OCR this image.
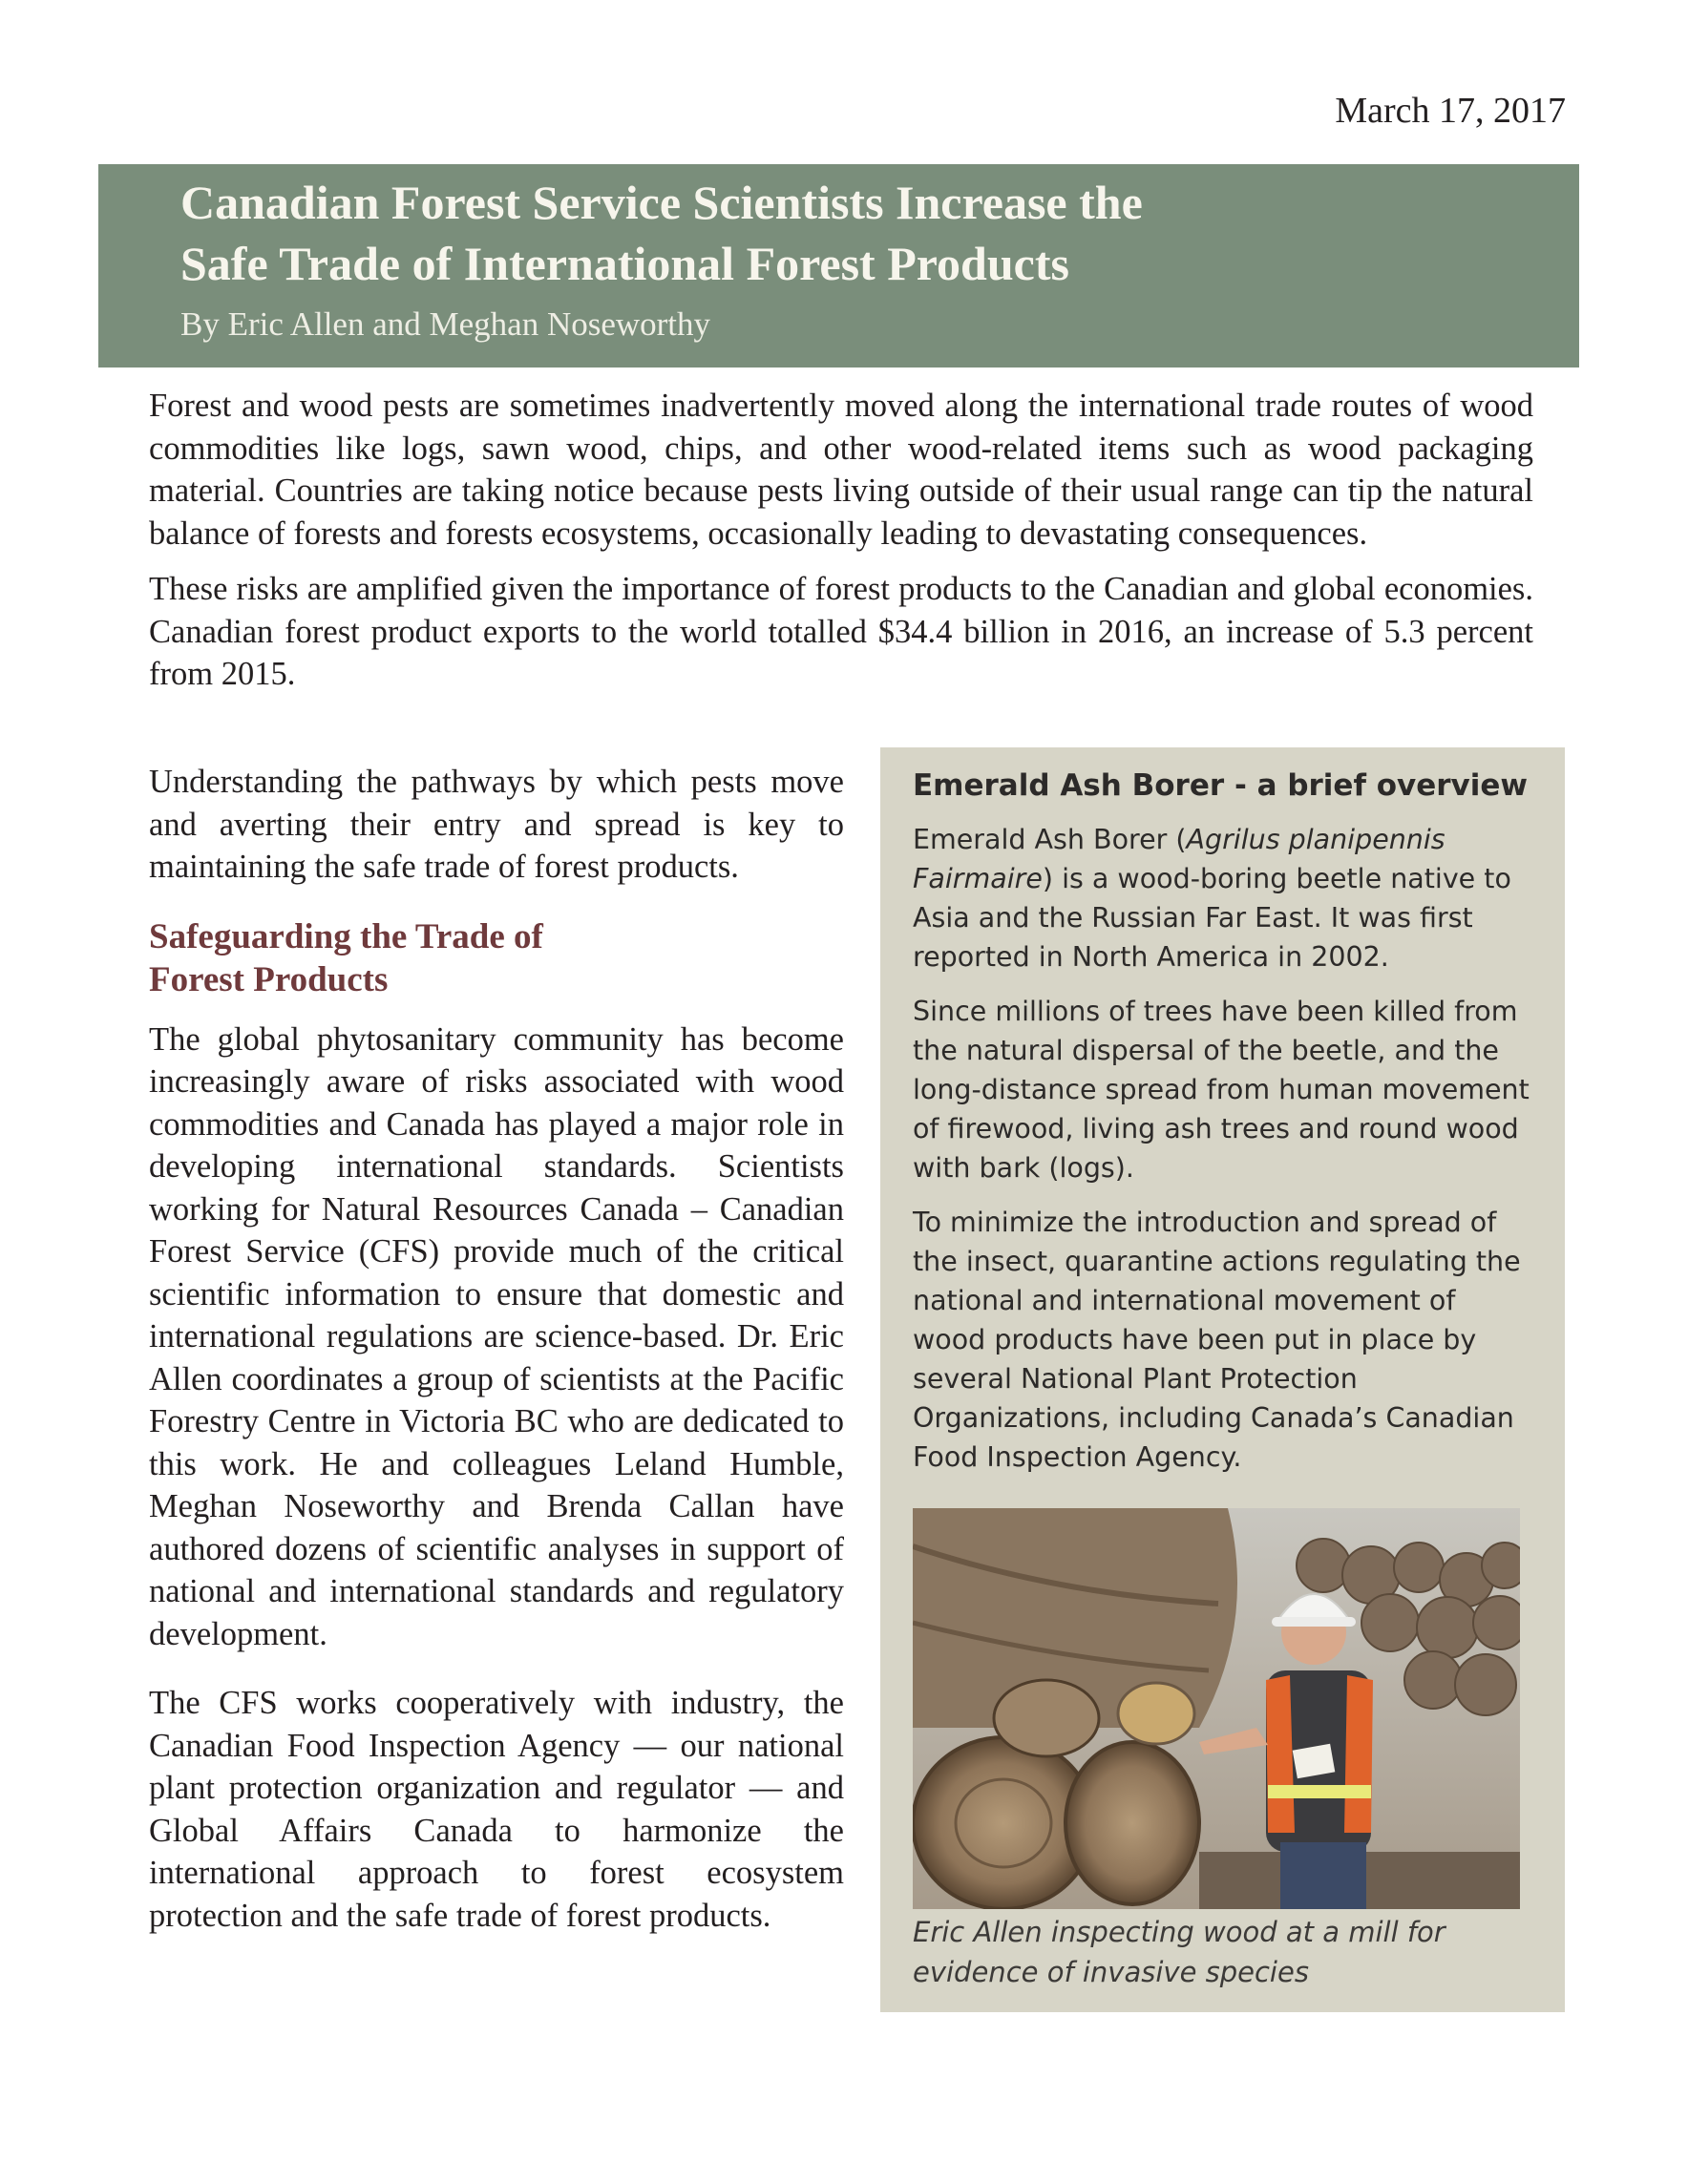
March 17, 2017
Canadian Forest Service Scientists Increase the
Safe Trade of International Forest Products
By Eric Allen and Meghan Noseworthy

Forest and wood pests are sometimes inadvertently moved along the international trade routes of wood commodities like logs, sawn wood, chips, and other wood-related items such as wood packaging material. Countries are taking notice because pests living outside of their usual range can tip the natural balance of forests and forests ecosystems, occasionally leading to devastating consequences.

These risks are amplified given the importance of forest products to the Canadian and global economies. Canadian forest product exports to the world totalled $34.4 billion in 2016, an increase of 5.3 percent from 2015.

Understanding the pathways by which pests move and averting their entry and spread is key to maintaining the safe trade of forest products.

Safeguarding the Trade of Forest Products

The global phytosanitary community has become increasingly aware of risks associated with wood commodities and Canada has played a major role in developing international standards. Scientists working for Natural Resources Canada – Canadian Forest Service (CFS) provide much of the critical scientific information to ensure that domestic and international regulations are science-based. Dr. Eric Allen coordinates a group of scientists at the Pacific Forestry Centre in Victoria BC who are dedicated to this work. He and colleagues Leland Humble, Meghan Noseworthy and Brenda Callan have authored dozens of scientific analyses in support of national and international standards and regulatory development.

The CFS works cooperatively with industry, the Canadian Food Inspection Agency — our national plant protection organization and regulator — and Global Affairs Canada to harmonize the international approach to forest ecosystem protection and the safe trade of forest products.

Emerald Ash Borer - a brief overview

Emerald Ash Borer (Agrilus planipennis Fairmaire) is a wood-boring beetle native to Asia and the Russian Far East. It was first reported in North America in 2002.

Since millions of trees have been killed from the natural dispersal of the beetle, and the long-distance spread from human movement of firewood, living ash trees and round wood with bark (logs).

To minimize the introduction and spread of the insect, quarantine actions regulating the national and international movement of wood products have been put in place by several National Plant Protection Organizations, including Canada’s Canadian Food Inspection Agency.

Eric Allen inspecting wood at a mill for evidence of invasive species
